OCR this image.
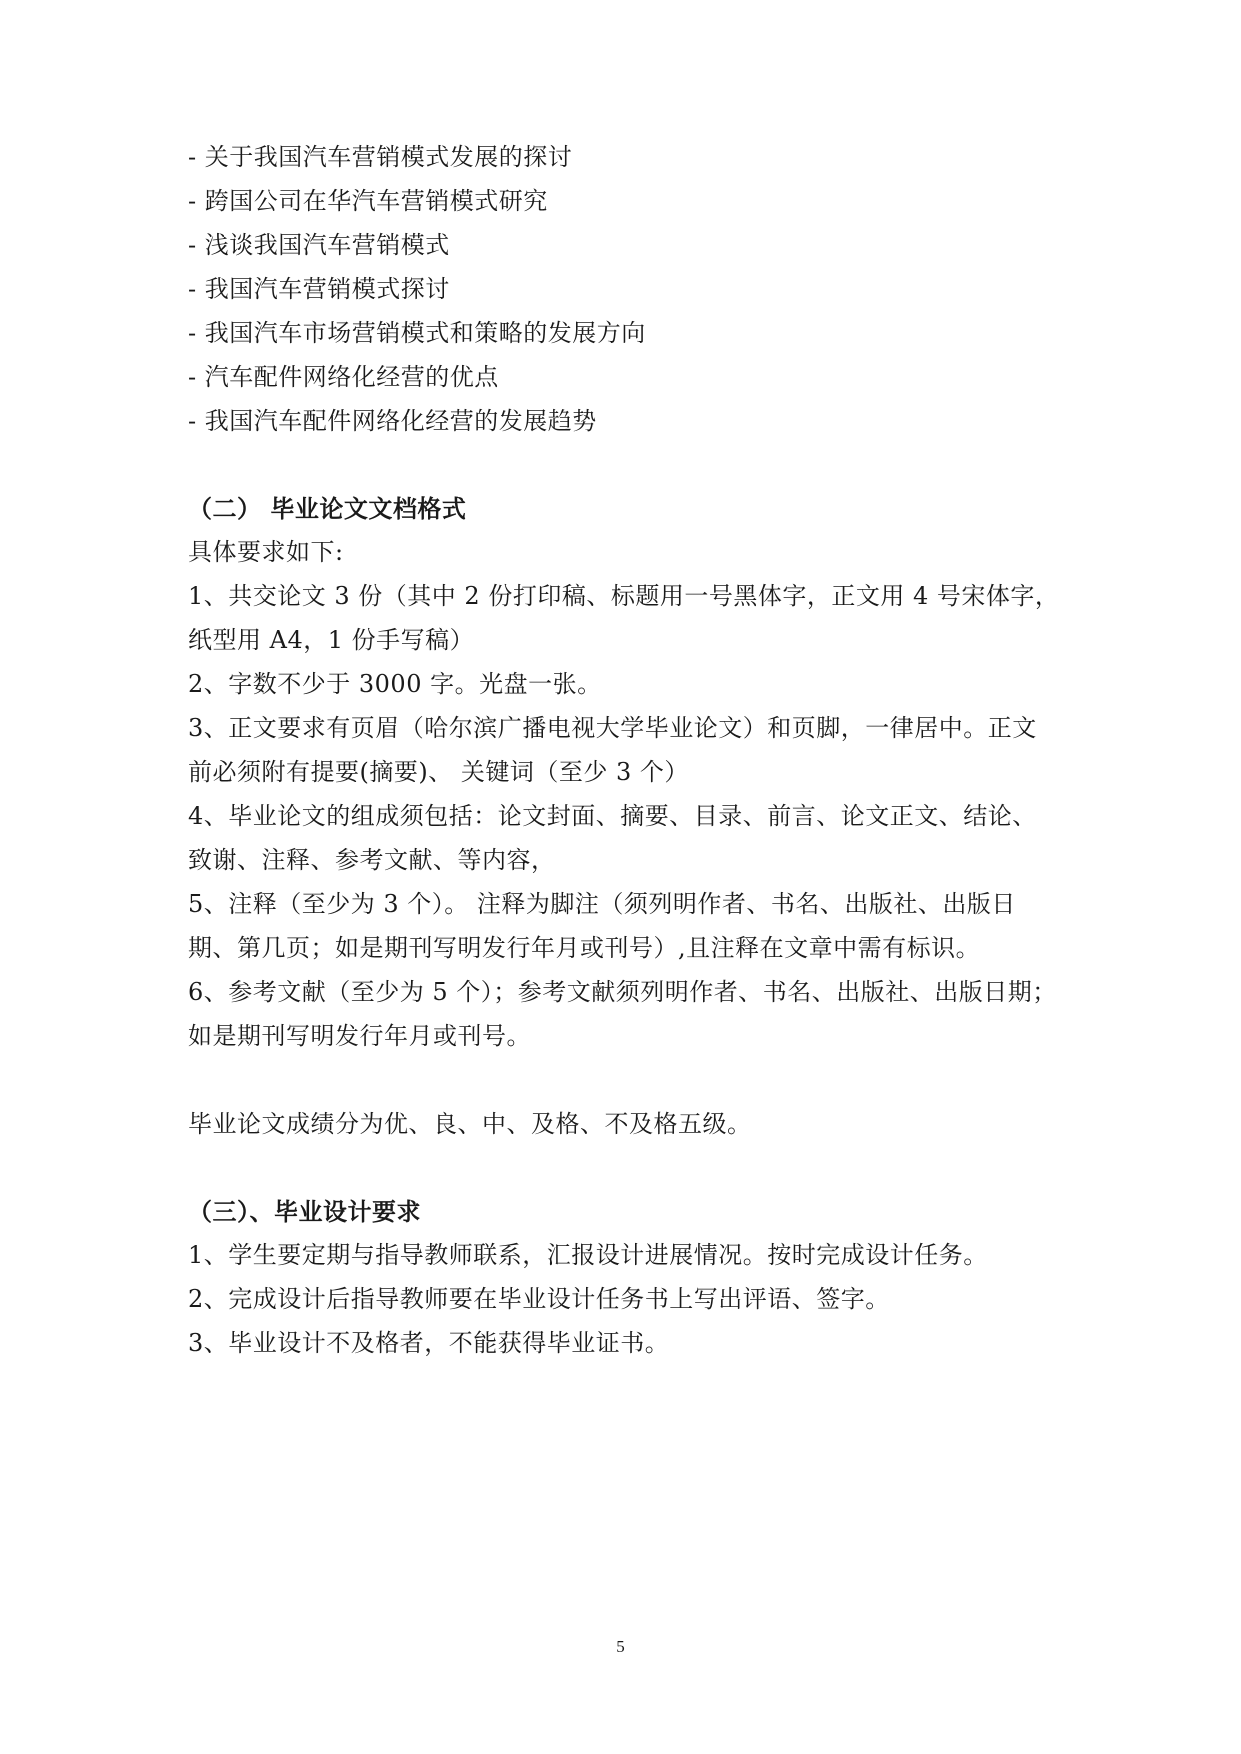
- 关于我国汽车营销模式发展的探讨
- 跨国公司在华汽车营销模式研究
- 浅谈我国汽车营销模式
- 我国汽车营销模式探讨
- 我国汽车市场营销模式和策略的发展方向
- 汽车配件网络化经营的优点
- 我国汽车配件网络化经营的发展趋势
（二） 毕业论文文档格式
具体要求如下:
1、共交论文 3 份（其中 2 份打印稿、标题用一号黑体字，正文用 4 号宋体字，
纸型用 A4，1 份手写稿）
2、字数不少于 3000 字。光盘一张。
3、正文要求有页眉（哈尔滨广播电视大学毕业论文）和页脚，一律居中。正文
前必须附有提要(摘要)、 关键词（至少 3 个）
4、毕业论文的组成须包括：论文封面、摘要、目录、前言、论文正文、结论、
致谢、注释、参考文献、等内容，
5、注释（至少为 3 个）。 注释为脚注（须列明作者、书名、出版社、出版日
期、第几页；如是期刊写明发行年月或刊号）,且注释在文章中需有标识。
6、参考文献（至少为 5 个）；参考文献须列明作者、书名、出版社、出版日期；
如是期刊写明发行年月或刊号。
毕业论文成绩分为优、良、中、及格、不及格五级。
（三）、毕业设计要求
1、学生要定期与指导教师联系，汇报设计进展情况。按时完成设计任务。
2、完成设计后指导教师要在毕业设计任务书上写出评语、签字。
3、毕业设计不及格者，不能获得毕业证书。
5
